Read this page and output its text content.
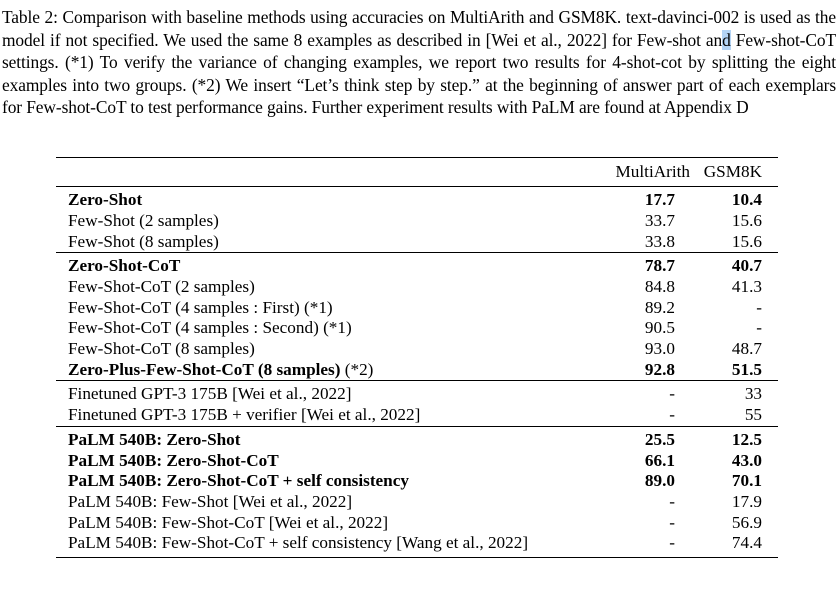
Table 2: Comparison with baseline methods using accuracies on MultiArith and GSM8K. text-davinci-002 is used as the model if not specified. We used the same 8 examples as described in [Wei et al., 2022] for Few-shot and Few-shot-CoT settings. (*1) To verify the variance of changing examples, we report two results for 4-shot-cot by splitting the eight examples into two groups. (*2) We insert “Let’s think step by step.” at the beginning of answer part of each exemplars for Few-shot-CoT to test performance gains. Further experiment results with PaLM are found at Appendix D
	MultiArith	GSM8K
Zero-Shot	17.7	10.4
Few-Shot (2 samples)	33.7	15.6
Few-Shot (8 samples)	33.8	15.6
Zero-Shot-CoT	78.7	40.7
Few-Shot-CoT (2 samples)	84.8	41.3
Few-Shot-CoT (4 samples : First) (*1)	89.2	-
Few-Shot-CoT (4 samples : Second) (*1)	90.5	-
Few-Shot-CoT (8 samples)	93.0	48.7
Zero-Plus-Few-Shot-CoT (8 samples) (*2)	92.8	51.5
Finetuned GPT-3 175B [Wei et al., 2022]	-	33
Finetuned GPT-3 175B + verifier [Wei et al., 2022]	-	55
PaLM 540B: Zero-Shot	25.5	12.5
PaLM 540B: Zero-Shot-CoT	66.1	43.0
PaLM 540B: Zero-Shot-CoT + self consistency	89.0	70.1
PaLM 540B: Few-Shot [Wei et al., 2022]	-	17.9
PaLM 540B: Few-Shot-CoT [Wei et al., 2022]	-	56.9
PaLM 540B: Few-Shot-CoT + self consistency [Wang et al., 2022]	-	74.4
